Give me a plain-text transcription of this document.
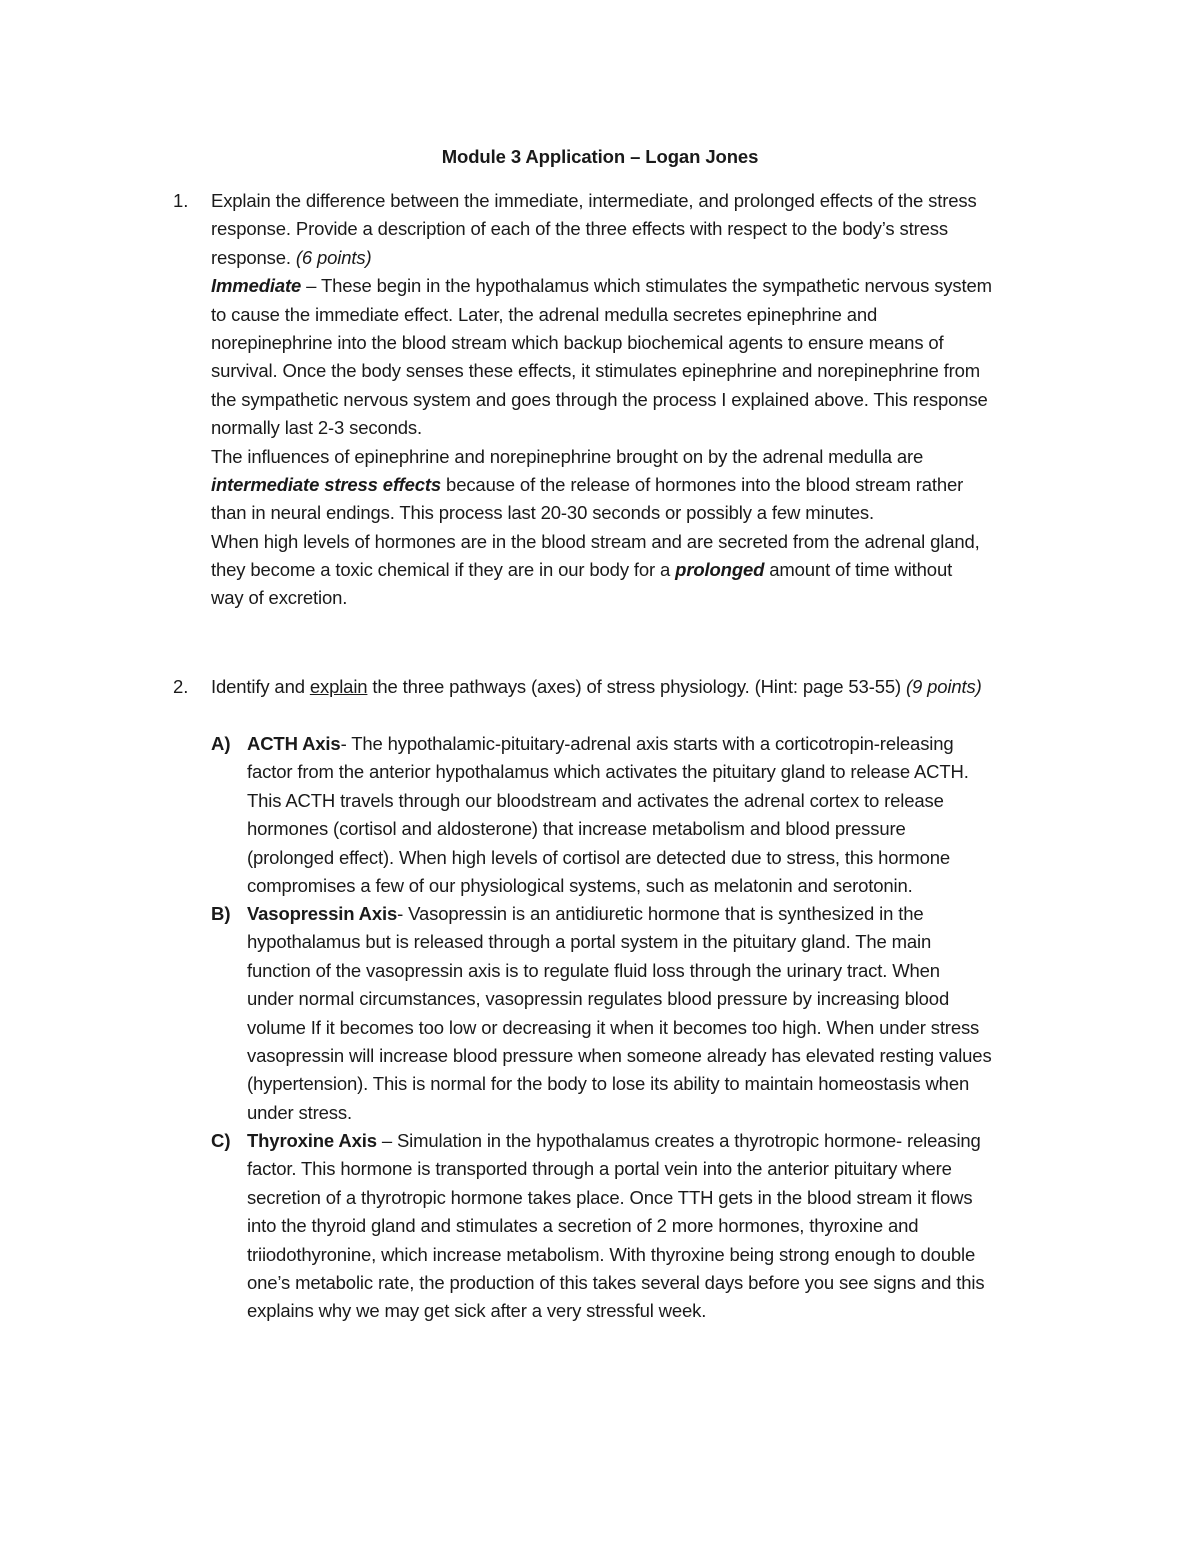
Module 3 Application – Logan Jones
1. Explain the difference between the immediate, intermediate, and prolonged effects of the stress
response. Provide a description of each of the three effects with respect to the body’s stress
response. (6 points)
Immediate – These begin in the hypothalamus which stimulates the sympathetic nervous system
to cause the immediate effect. Later, the adrenal medulla secretes epinephrine and
norepinephrine into the blood stream which backup biochemical agents to ensure means of
survival. Once the body senses these effects, it stimulates epinephrine and norepinephrine from
the sympathetic nervous system and goes through the process I explained above. This response
normally last 2-3 seconds.
The influences of epinephrine and norepinephrine brought on by the adrenal medulla are
intermediate stress effects because of the release of hormones into the blood stream rather
than in neural endings. This process last 20-30 seconds or possibly a few minutes.
When high levels of hormones are in the blood stream and are secreted from the adrenal gland,
they become a toxic chemical if they are in our body for a prolonged amount of time without
way of excretion.
2. Identify and explain the three pathways (axes) of stress physiology. (Hint: page 53-55) (9 points)
A) ACTH Axis- The hypothalamic-pituitary-adrenal axis starts with a corticotropin-releasing
factor from the anterior hypothalamus which activates the pituitary gland to release ACTH.
This ACTH travels through our bloodstream and activates the adrenal cortex to release
hormones (cortisol and aldosterone) that increase metabolism and blood pressure
(prolonged effect). When high levels of cortisol are detected due to stress, this hormone
compromises a few of our physiological systems, such as melatonin and serotonin.
B) Vasopressin Axis- Vasopressin is an antidiuretic hormone that is synthesized in the
hypothalamus but is released through a portal system in the pituitary gland. The main
function of the vasopressin axis is to regulate fluid loss through the urinary tract. When
under normal circumstances, vasopressin regulates blood pressure by increasing blood
volume If it becomes too low or decreasing it when it becomes too high. When under stress
vasopressin will increase blood pressure when someone already has elevated resting values
(hypertension). This is normal for the body to lose its ability to maintain homeostasis when
under stress.
C) Thyroxine Axis – Simulation in the hypothalamus creates a thyrotropic hormone- releasing
factor. This hormone is transported through a portal vein into the anterior pituitary where
secretion of a thyrotropic hormone takes place. Once TTH gets in the blood stream it flows
into the thyroid gland and stimulates a secretion of 2 more hormones, thyroxine and
triiodothyronine, which increase metabolism. With thyroxine being strong enough to double
one’s metabolic rate, the production of this takes several days before you see signs and this
explains why we may get sick after a very stressful week.
